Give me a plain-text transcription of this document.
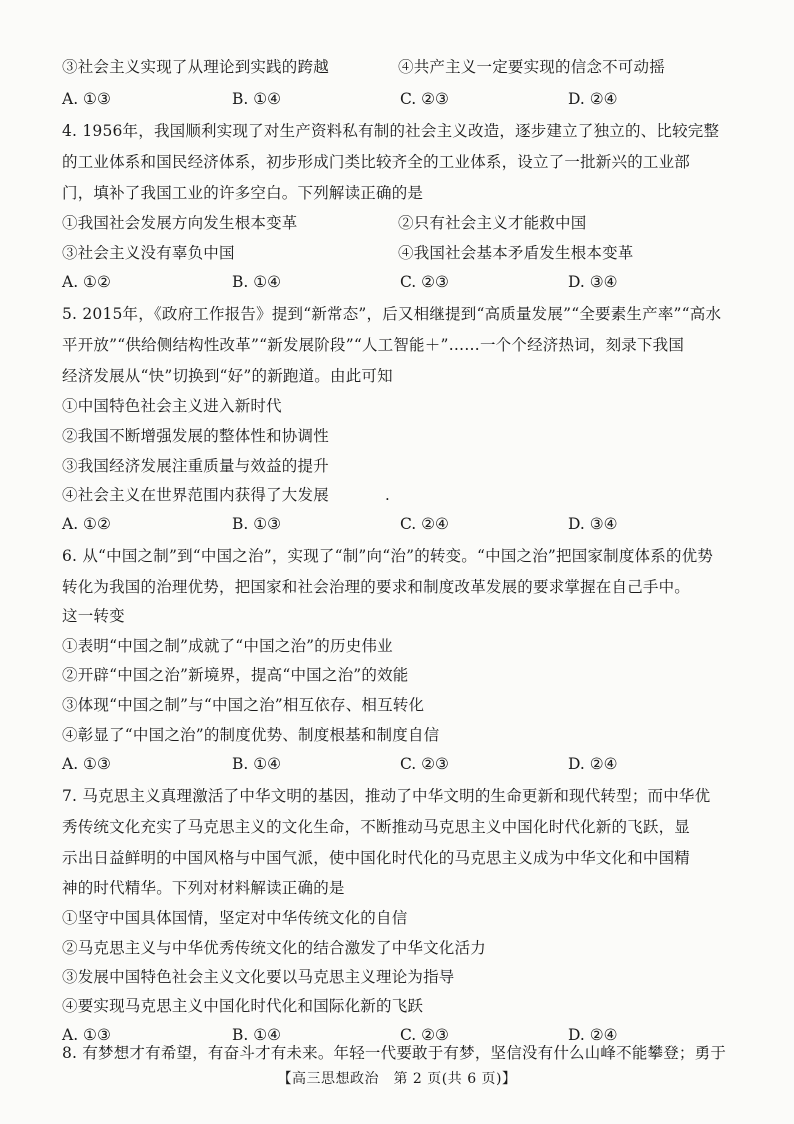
③社会主义实现了从理论到实践的跨越	④共产主义一定要实现的信念不可动摇
A. ①③	B. ①④	C. ②③	D. ②④
4. 1956年，我国顺利实现了对生产资料私有制的社会主义改造，逐步建立了独立的、比较完整
的工业体系和国民经济体系，初步形成门类比较齐全的工业体系，设立了一批新兴的工业部
门，填补了我国工业的许多空白。下列解读正确的是
①我国社会发展方向发生根本变革	②只有社会主义才能救中国
③社会主义没有辜负中国	④我国社会基本矛盾发生根本变革
A. ①②	B. ①④	C. ②③	D. ③④
5. 2015年，《政府工作报告》提到“新常态”，后又相继提到“高质量发展”“全要素生产率”“高水
平开放”“供给侧结构性改革”“新发展阶段”“人工智能＋”……一个个经济热词，刻录下我国
经济发展从“快”切换到“好”的新跑道。由此可知
①中国特色社会主义进入新时代
②我国不断增强发展的整体性和协调性
③我国经济发展注重质量与效益的提升
④社会主义在世界范围内获得了大发展	.
A. ①②	B. ①③	C. ②④	D. ③④
6. 从“中国之制”到“中国之治”，实现了“制”向“治”的转变。“中国之治”把国家制度体系的优势
转化为我国的治理优势，把国家和社会治理的要求和制度改革发展的要求掌握在自己手中。
这一转变
①表明“中国之制”成就了“中国之治”的历史伟业
②开辟“中国之治”新境界，提高“中国之治”的效能
③体现“中国之制”与“中国之治”相互依存、相互转化
④彰显了“中国之治”的制度优势、制度根基和制度自信
A. ①③	B. ①④	C. ②③	D. ②④
7. 马克思主义真理激活了中华文明的基因，推动了中华文明的生命更新和现代转型；而中华优
秀传统文化充实了马克思主义的文化生命，不断推动马克思主义中国化时代化新的飞跃，显
示出日益鲜明的中国风格与中国气派，使中国化时代化的马克思主义成为中华文化和中国精
神的时代精华。下列对材料解读正确的是
①坚守中国具体国情，坚定对中华传统文化的自信
②马克思主义与中华优秀传统文化的结合激发了中华文化活力
③发展中国特色社会主义文化要以马克思主义理论为指导
④要实现马克思主义中国化时代化和国际化新的飞跃
A. ①③	B. ①④	C. ②③	D. ②④
8. 有梦想才有希望，有奋斗才有未来。年轻一代要敢于有梦，坚信没有什么山峰不能攀登；勇于
【高三思想政治　第 2 页(共 6 页)】
